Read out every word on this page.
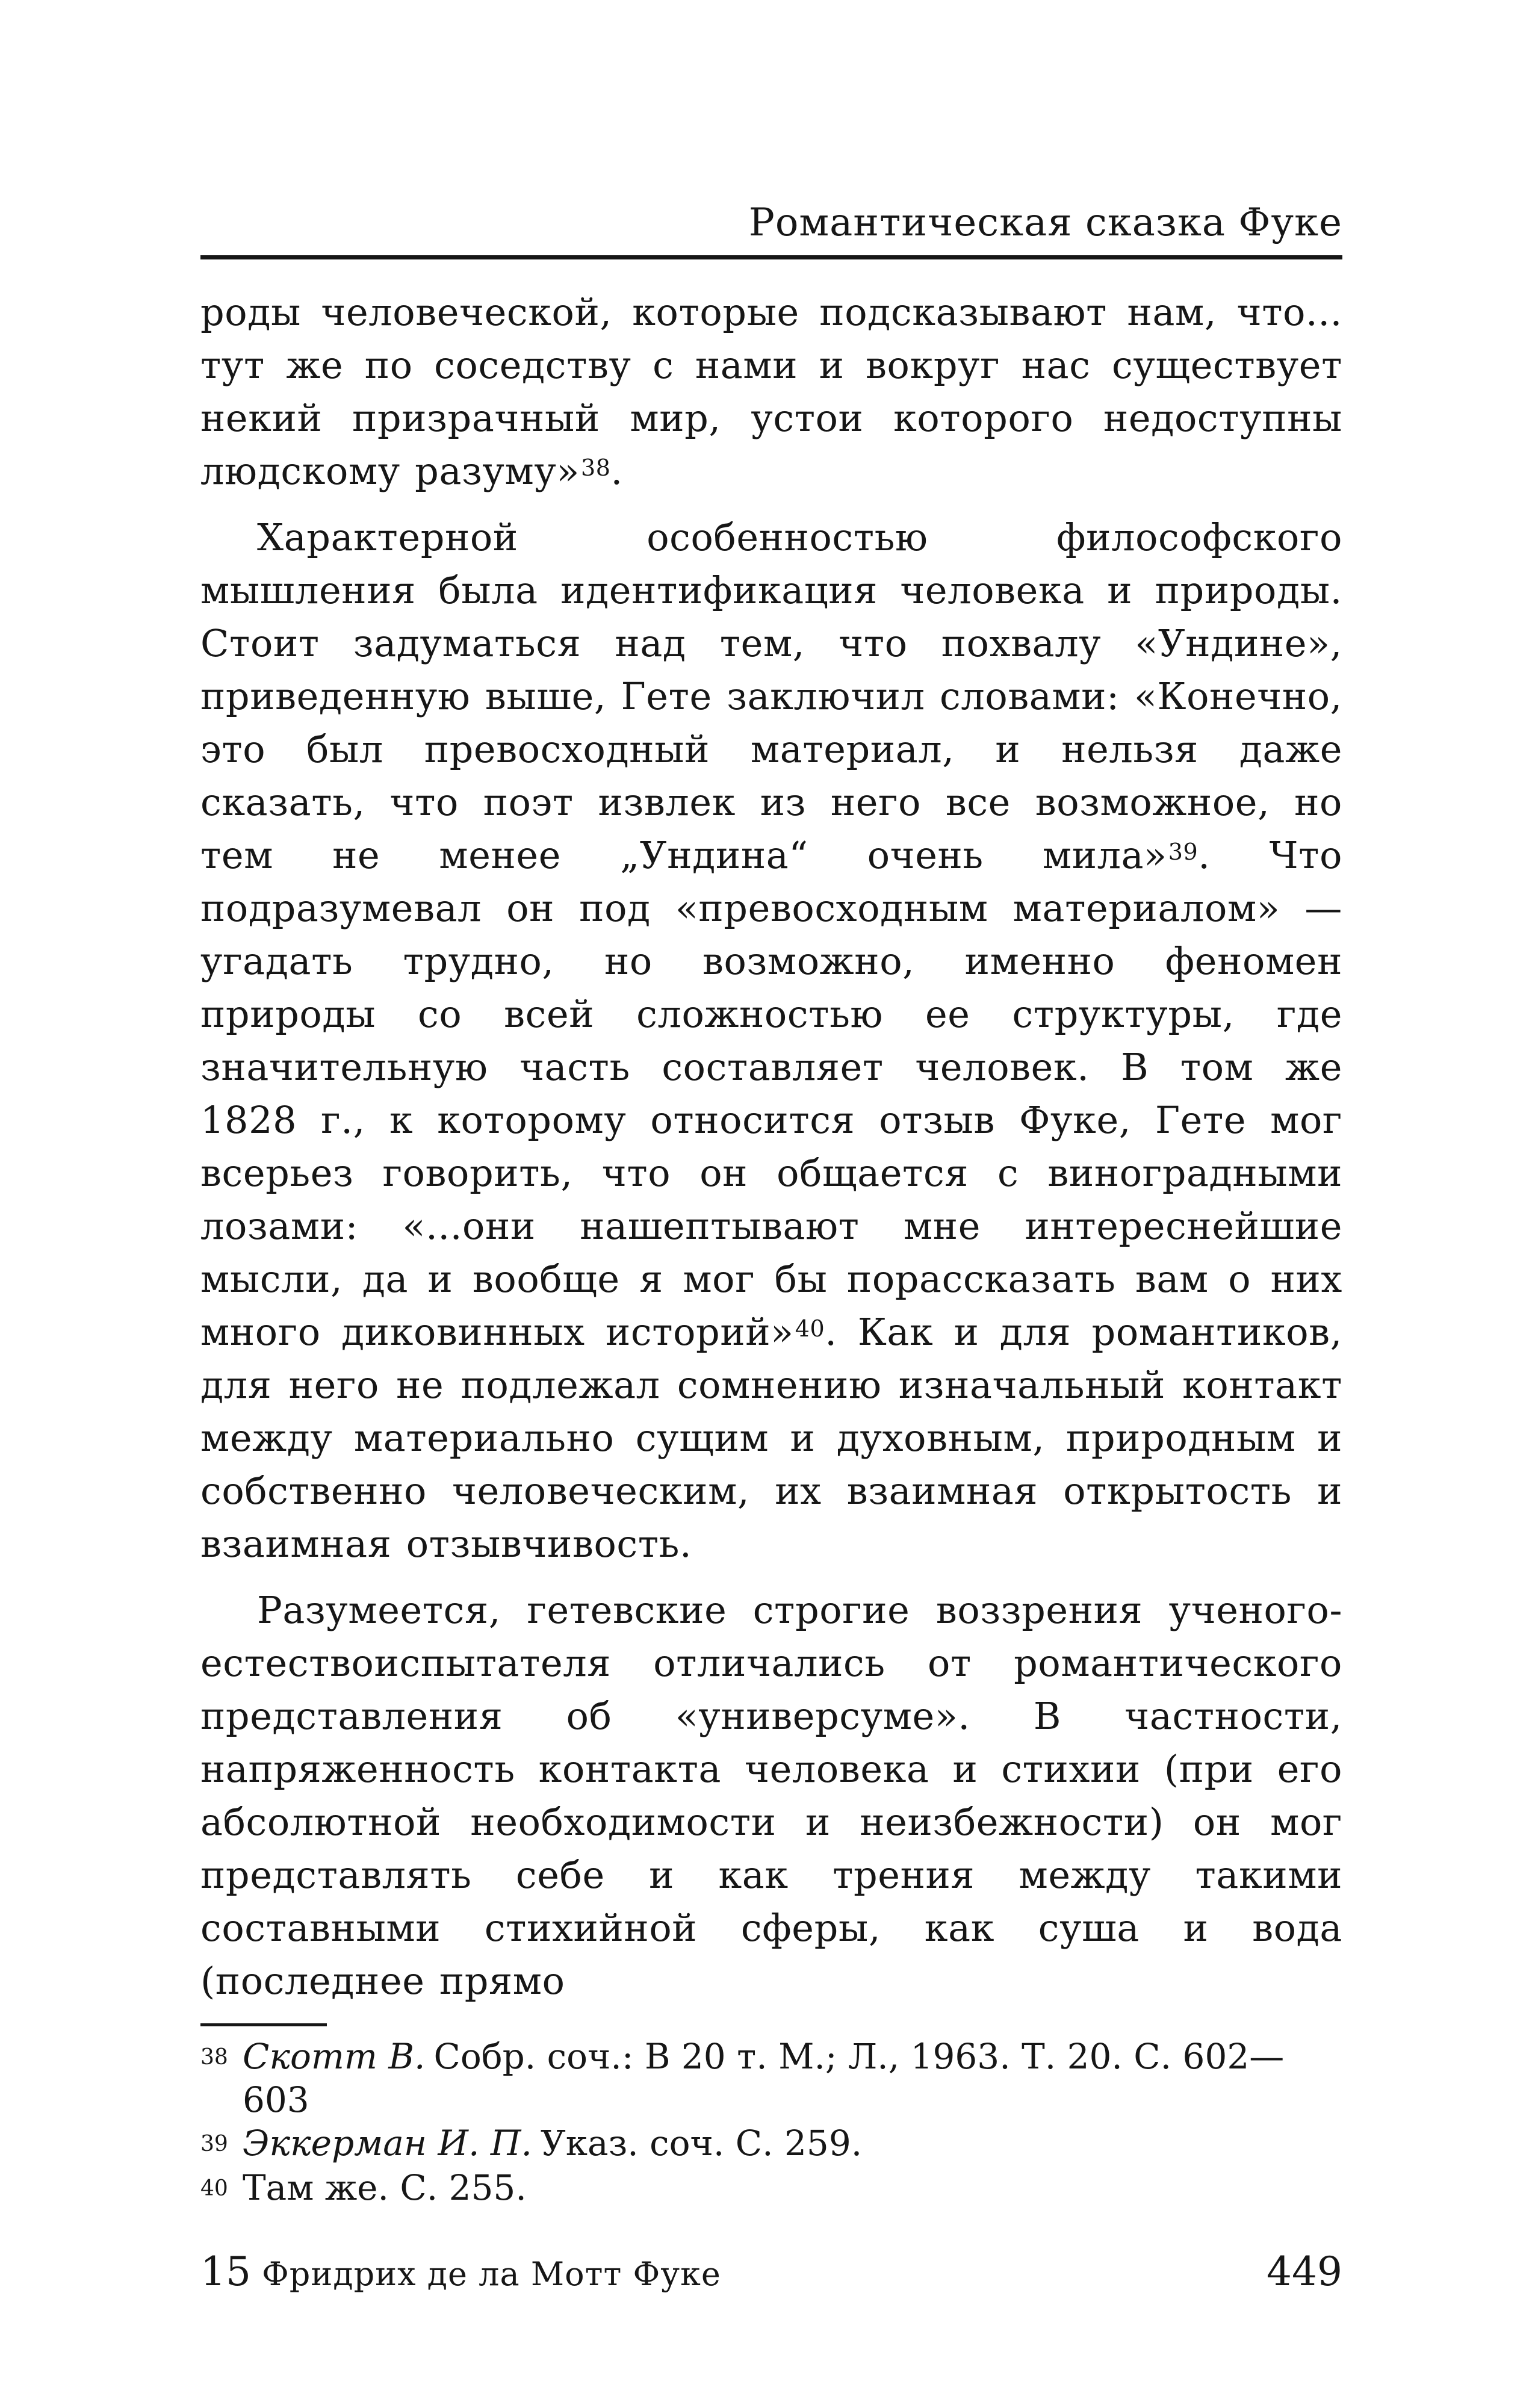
Романтическая сказка Фуке

роды человеческой, которые подсказывают нам, что... тут же по соседству с нами и вокруг нас существует некий призрачный мир, устои которого недоступны людскому разуму»$^{38}$.

Характерной особенностью философского мышления была идентификация человека и природы. Стоит задуматься над тем, что похвалу «Ундине», приведенную выше, Гете заключил словами: «Конечно, это был превосходный материал, и нельзя даже сказать, что поэт извлек из него все возможное, но тем не менее „Ундина“ очень мила»$^{39}$. Что подразумевал он под «превосходным материалом» — угадать трудно, но возможно, именно феномен природы со всей сложностью ее структуры, где значительную часть составляет человек. В том же 1828 г., к которому относится отзыв Фуке, Гете мог всерьез говорить, что он общается с виноградными лозами: «...они нашептывают мне интереснейшие мысли, да и вообще я мог бы порассказать вам о них много диковинных историй»$^{40}$. Как и для романтиков, для него не подлежал сомнению изначальный контакт между материально сущим и духовным, природным и собственно человеческим, их взаимная открытость и взаимная отзывчивость.

Разумеется, гетевские строгие воззрения ученого-естествоиспытателя отличались от романтического представления об «универсуме». В частности, напряженность контакта человека и стихии (при его абсолютной необходимости и неизбежности) он мог представлять себе и как трения между такими составными стихийной сферы, как суша и вода (последнее прямо

38 Скотт В. Собр. соч.: В 20 т. М.; Л., 1963. Т. 20. С. 602—603
39 Эккерман И. П. Указ. соч. С. 259.
40 Там же. С. 255.
15 Фридрих де ла Мотт Фуке	449
